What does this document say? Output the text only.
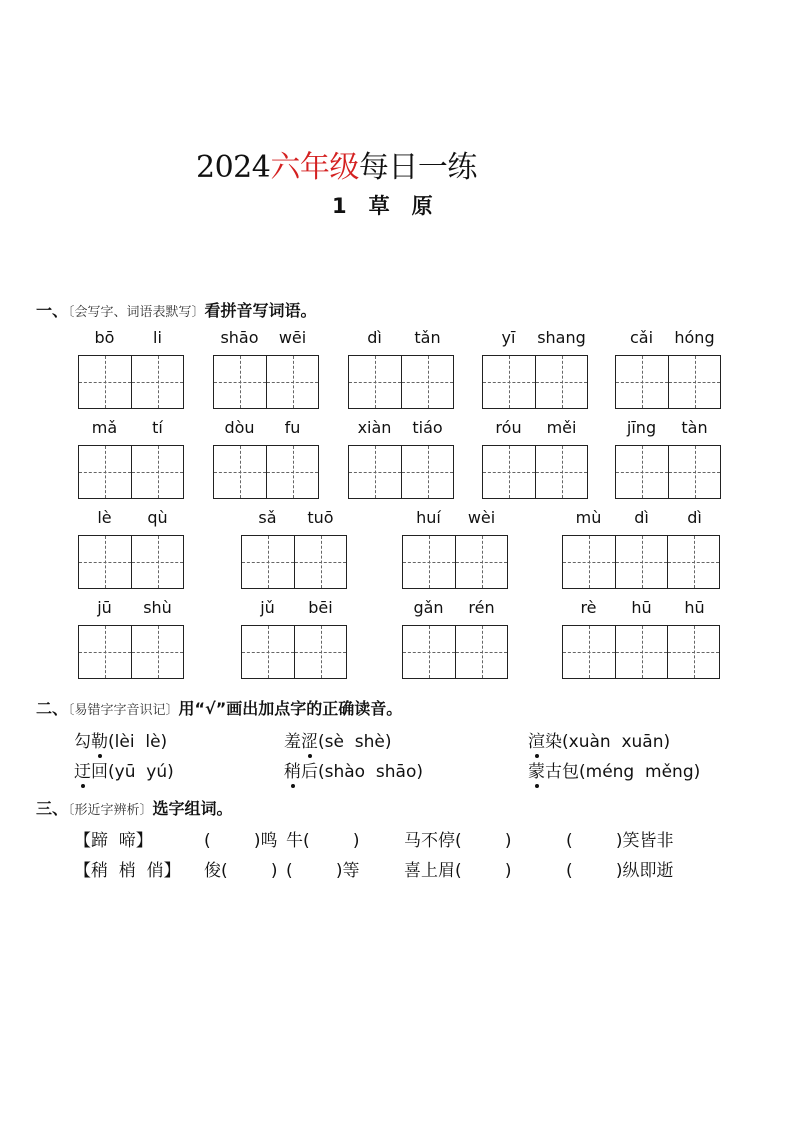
2024六年级每日一练
1 草 原
一、〔会写字、词语表默写〕看拼音写词语。
bō	li	shāo	wēi	dì	tǎn	yī	shang	cǎi	hóng
mǎ	tí	dòu	fu	xiàn	tiáo	róu	měi	jīng	tàn
lè	qù	sǎ	tuō	huí	wèi	mù	dì	dì
jū	shù	jǔ	bēi	gǎn	rén	rè	hū	hū
二、〔易错字字音识记〕用“√”画出加点字的正确读音。
勾勒(lèi  lè)	羞涩(sè  shè)	渲染(xuàn  xuān)
迂回(yū  yú)	稍后(shào  shāo)	蒙古包(méng  měng)
三、〔形近字辨析〕选字组词。
【蹄  啼】	(        )鸣 牛(        )	马不停(        )	(        )笑皆非
【稍  梢  俏】 俊(        ) (        )等	喜上眉(        )	(        )纵即逝
